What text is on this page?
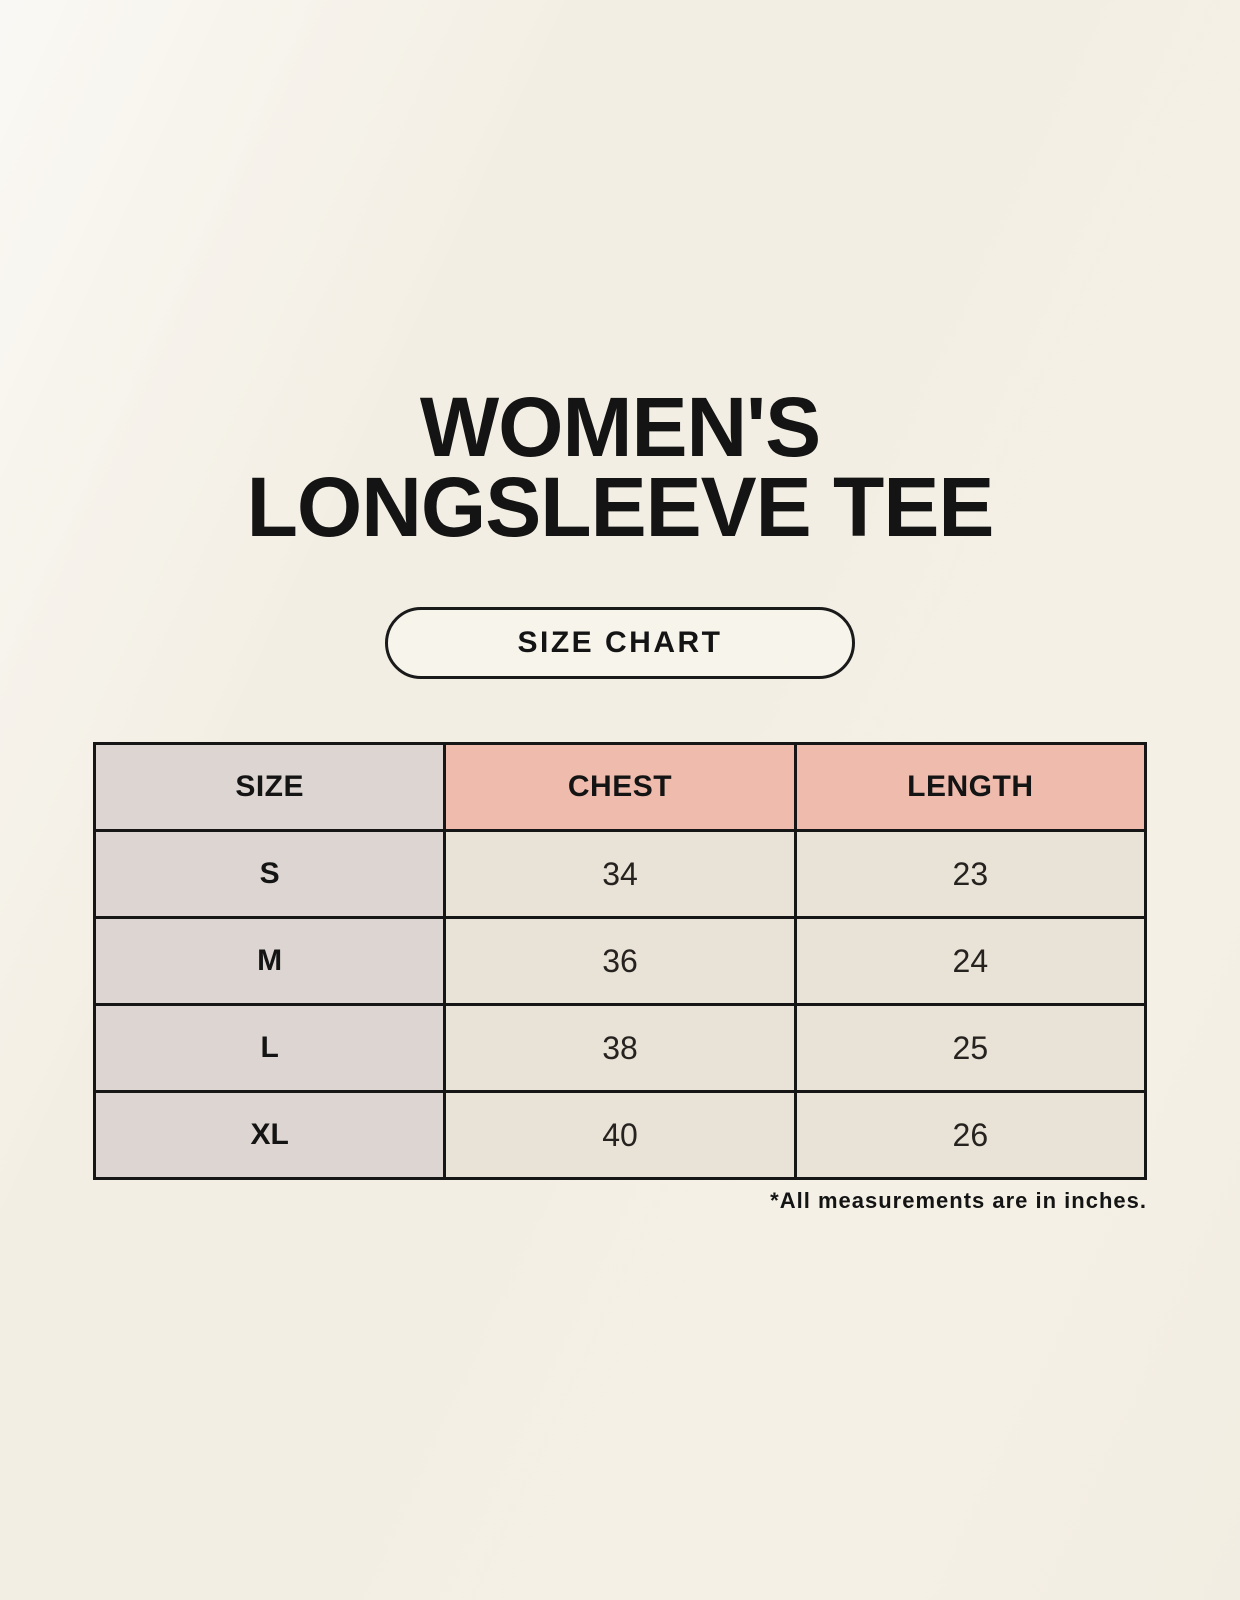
WOMEN'S
LONGSLEEVE TEE
SIZE CHART
SIZE	CHEST	LENGTH
S	34	23
M	36	24
L	38	25
XL	40	26
*All measurements are in inches.
